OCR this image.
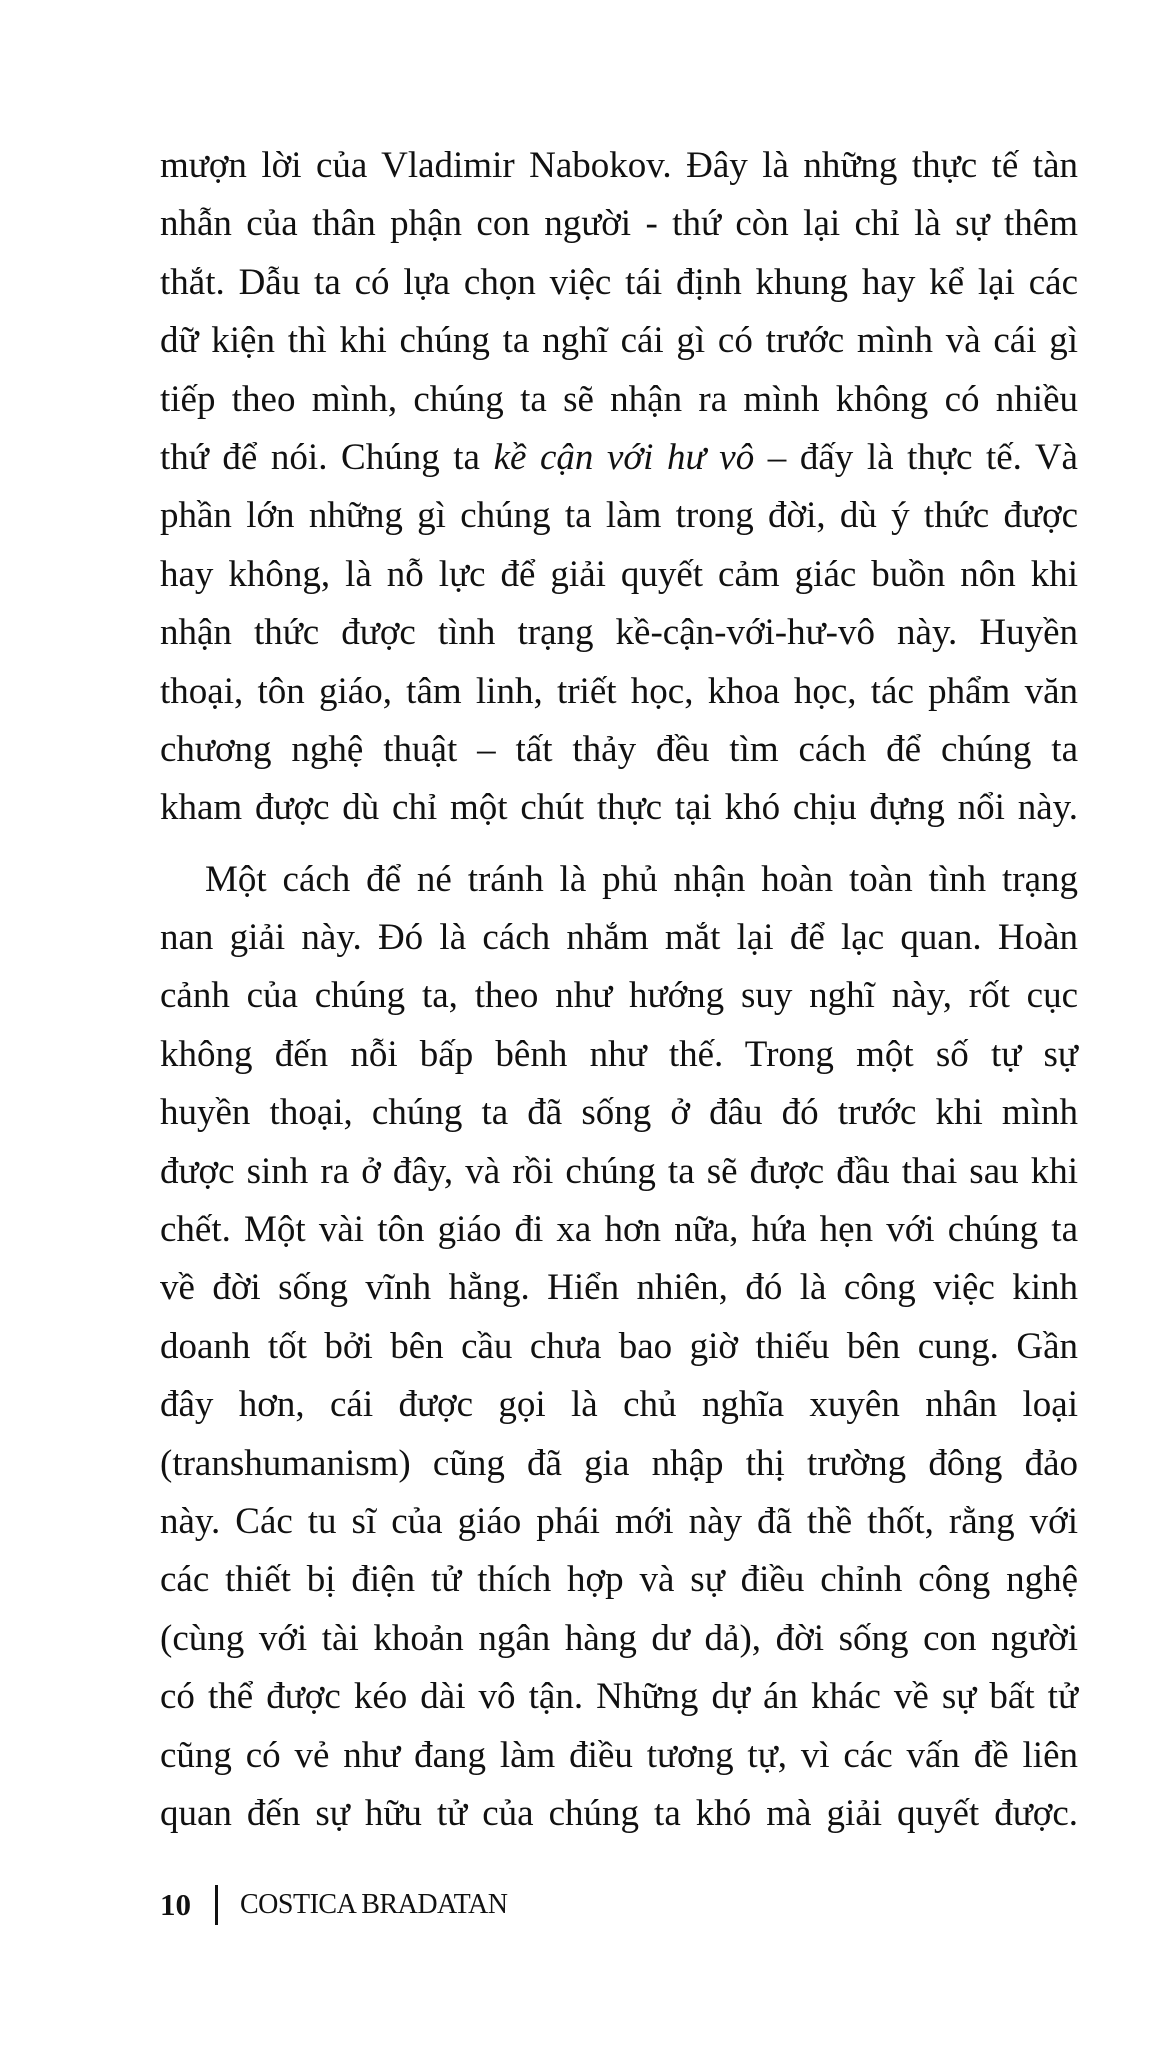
mượn lời của Vladimir Nabokov. Đây là những thực tế tàn
nhẫn của thân phận con người - thứ còn lại chỉ là sự thêm
thắt. Dẫu ta có lựa chọn việc tái định khung hay kể lại các
dữ kiện thì khi chúng ta nghĩ cái gì có trước mình và cái gì
tiếp theo mình, chúng ta sẽ nhận ra mình không có nhiều
thứ để nói. Chúng ta kề cận với hư vô – đấy là thực tế. Và
phần lớn những gì chúng ta làm trong đời, dù ý thức được
hay không, là nỗ lực để giải quyết cảm giác buồn nôn khi
nhận thức được tình trạng kề-cận-với-hư-vô này. Huyền
thoại, tôn giáo, tâm linh, triết học, khoa học, tác phẩm văn
chương nghệ thuật – tất thảy đều tìm cách để chúng ta
kham được dù chỉ một chút thực tại khó chịu đựng nổi này.
Một cách để né tránh là phủ nhận hoàn toàn tình trạng
nan giải này. Đó là cách nhắm mắt lại để lạc quan. Hoàn
cảnh của chúng ta, theo như hướng suy nghĩ này, rốt cục
không đến nỗi bấp bênh như thế. Trong một số tự sự
huyền thoại, chúng ta đã sống ở đâu đó trước khi mình
được sinh ra ở đây, và rồi chúng ta sẽ được đầu thai sau khi
chết. Một vài tôn giáo đi xa hơn nữa, hứa hẹn với chúng ta
về đời sống vĩnh hằng. Hiển nhiên, đó là công việc kinh
doanh tốt bởi bên cầu chưa bao giờ thiếu bên cung. Gần
đây hơn, cái được gọi là chủ nghĩa xuyên nhân loại
(transhumanism) cũng đã gia nhập thị trường đông đảo
này. Các tu sĩ của giáo phái mới này đã thề thốt, rằng với
các thiết bị điện tử thích hợp và sự điều chỉnh công nghệ
(cùng với tài khoản ngân hàng dư dả), đời sống con người
có thể được kéo dài vô tận. Những dự án khác về sự bất tử
cũng có vẻ như đang làm điều tương tự, vì các vấn đề liên
quan đến sự hữu tử của chúng ta khó mà giải quyết được.
10 COSTICA BRADATAN
